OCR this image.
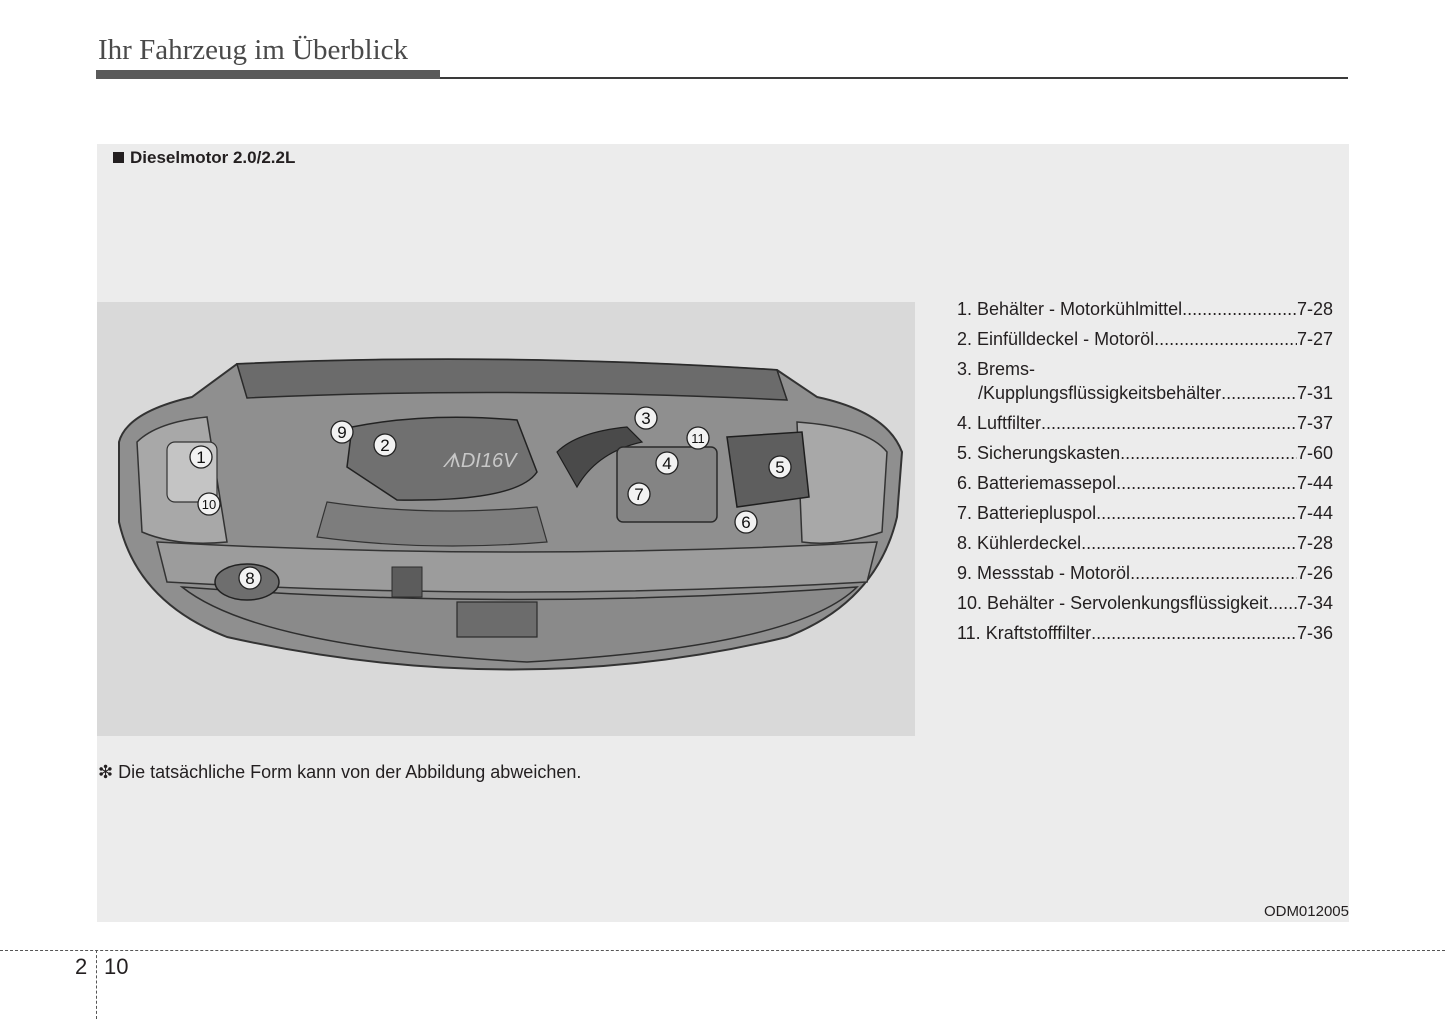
Ihr Fahrzeug im Überblick
Dieselmotor 2.0/2.2L
ᗑDI16V
1
2
3
4	5
6
7
8
9
10
11
1. Behälter - Motorkühlmittel .....	7-28
2. Einfülldeckel - Motoröl .....	7-27
3. Brems-
/Kupplungsflüssigkeitsbehälter .....	7-31
4. Luftfilter .....	7-37
5. Sicherungskasten .....	7-60
6. Batteriemassepol .....	7-44
7. Batteriepluspol .....	7-44
8. Kühlerdeckel .....	7-28
9. Messstab - Motoröl .....	7-26
10. Behälter - Servolenkungsflüssigkeit ..... 7-34
11. Kraftstofffilter .....	7-36
❇ Die tatsächliche Form kann von der Abbildung abweichen.
ODM012005
2 10
